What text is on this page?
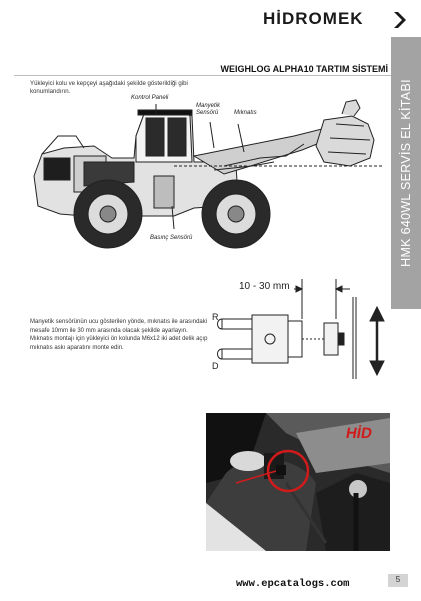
HİDROMEK
HMK 640WL SERVİS EL KİTABI
WEIGHLOG ALPHA10 TARTIM SİSTEMİ
Yükleyici kolu ve kepçeyi aşağıdaki şekilde gösterildiği gibi konumlandırın.
Kontrol Paneli
Manyetik Sensörü	Mıknatıs
Basınç Sensörü
10 - 30 mm
R
D
Manyetik sensörünün ucu gösterilen yönde, mıknatıs ile arasındaki mesafe 10mm ile 30 mm arasında olacak şekilde ayarlayın. Mıknatıs montajı için yükleyici ön kolunda M6x12 iki adet delik açıp mıknatıs askı aparatını monte edin.
HİD
www.epcatalogs.com	5
